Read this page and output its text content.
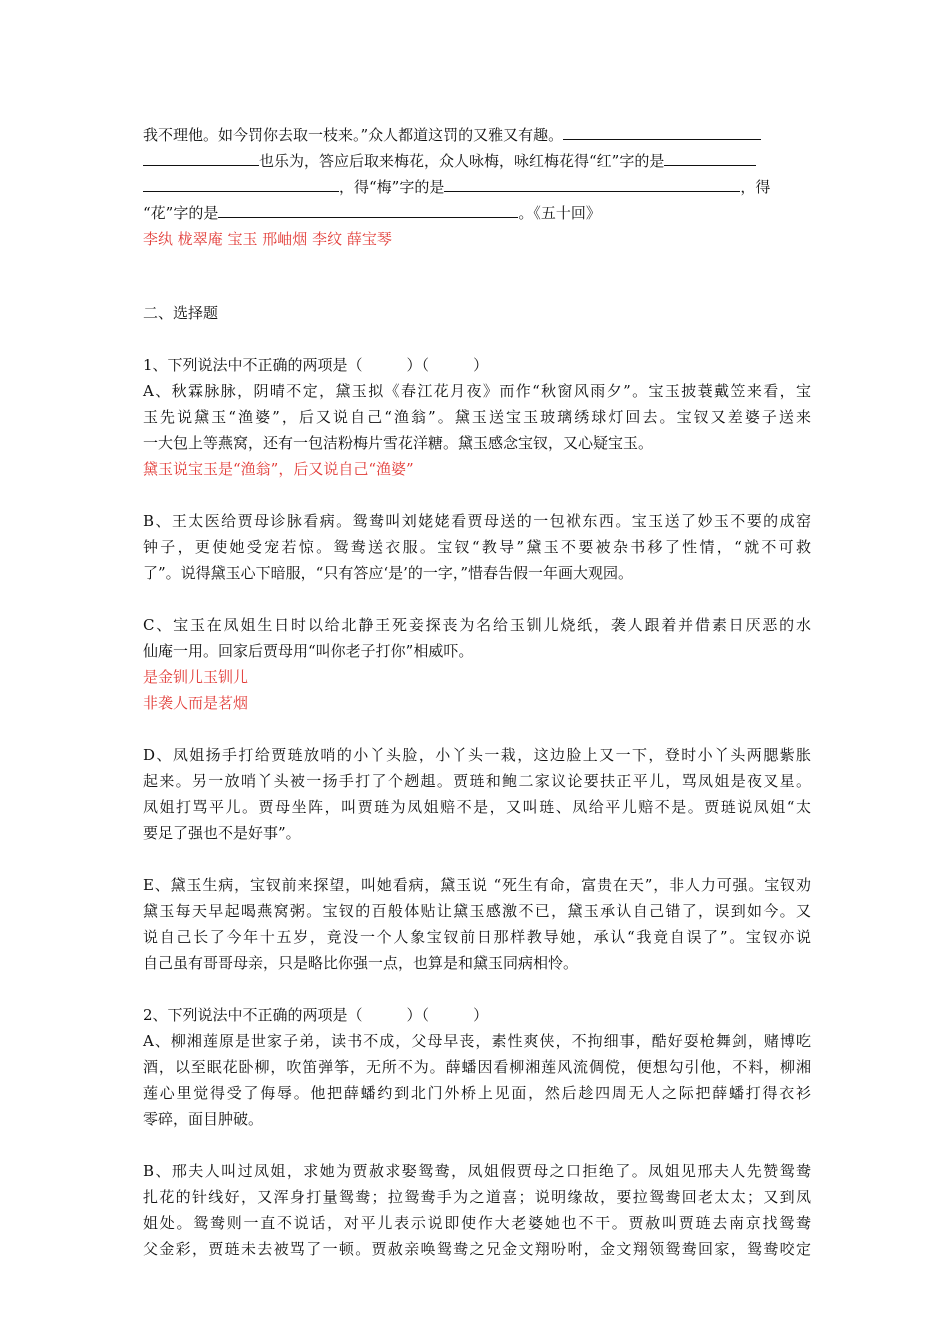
我不理他。如今罚你去取一枝来。”众人都道这罚的又雅又有趣。
也乐为，答应后取来梅花，众人咏梅，咏红梅花得“红”字的是
，得“梅”字的是	，得
“花”字的是	。《五十回》
李纨 栊翠庵 宝玉 邢岫烟 李纹 薛宝琴
二、选择题
1、下列说法中不正确的两项是（	）（	）
A、秋霖脉脉，阴晴不定，黛玉拟《春江花月夜》而作“秋窗风雨夕”。宝玉披蓑戴笠来看，宝
玉先说黛玉“渔婆”，后又说自己“渔翁”。黛玉送宝玉玻璃绣球灯回去。宝钗又差婆子送来
一大包上等燕窝，还有一包洁粉梅片雪花洋糖。黛玉感念宝钗，又心疑宝玉。
黛玉说宝玉是“渔翁”，后又说自己“渔婆”
B、王太医给贾母诊脉看病。鸳鸯叫刘姥姥看贾母送的一包袱东西。宝玉送了妙玉不要的成窑
钟子，更使她受宠若惊。鸳鸯送衣服。宝钗“教导”黛玉不要被杂书移了性情，“就不可救
了”。说得黛玉心下暗服，“只有答应‘是’的一字，”惜春告假一年画大观园。
C、宝玉在凤姐生日时以给北静王死妾探丧为名给玉钏儿烧纸，袭人跟着并借素日厌恶的水
仙庵一用。回家后贾母用“叫你老子打你”相威吓。
是金钏儿玉钏儿
非袭人而是茗烟
D、凤姐扬手打给贾琏放哨的小丫头脸，小丫头一栽，这边脸上又一下，登时小丫头两腮紫胀
起来。另一放哨丫头被一扬手打了个趔趄。贾琏和鲍二家议论要扶正平儿，骂凤姐是夜叉星。
凤姐打骂平儿。贾母坐阵，叫贾琏为凤姐赔不是，又叫琏、凤给平儿赔不是。贾琏说凤姐“太
要足了强也不是好事”。
E、黛玉生病，宝钗前来探望，叫她看病，黛玉说 “死生有命，富贵在天”，非人力可强。宝钗劝
黛玉每天早起喝燕窝粥。宝钗的百般体贴让黛玉感激不已，黛玉承认自己错了，误到如今。又
说自己长了今年十五岁，竟没一个人象宝钗前日那样教导她，承认“我竟自误了”。宝钗亦说
自己虽有哥哥母亲，只是略比你强一点，也算是和黛玉同病相怜。
2、下列说法中不正确的两项是（	）（	）
A、柳湘莲原是世家子弟，读书不成，父母早丧，素性爽侠，不拘细事，酷好耍枪舞剑，赌博吃
酒，以至眠花卧柳，吹笛弹筝，无所不为。薛蟠因看柳湘莲风流倜傥，便想勾引他，不料，柳湘
莲心里觉得受了侮辱。他把薛蟠约到北门外桥上见面，然后趁四周无人之际把薛蟠打得衣衫
零碎，面目肿破。
B、邢夫人叫过凤姐，求她为贾赦求娶鸳鸯，凤姐假贾母之口拒绝了。凤姐见邢夫人先赞鸳鸯
扎花的针线好，又浑身打量鸳鸯；拉鸳鸯手为之道喜；说明缘故，要拉鸳鸯回老太太；又到凤
姐处。鸳鸯则一直不说话，对平儿表示说即使作大老婆她也不干。贾赦叫贾琏去南京找鸳鸯
父金彩，贾琏未去被骂了一顿。贾赦亲唤鸳鸯之兄金文翔吩咐，金文翔领鸳鸯回家，鸳鸯咬定
